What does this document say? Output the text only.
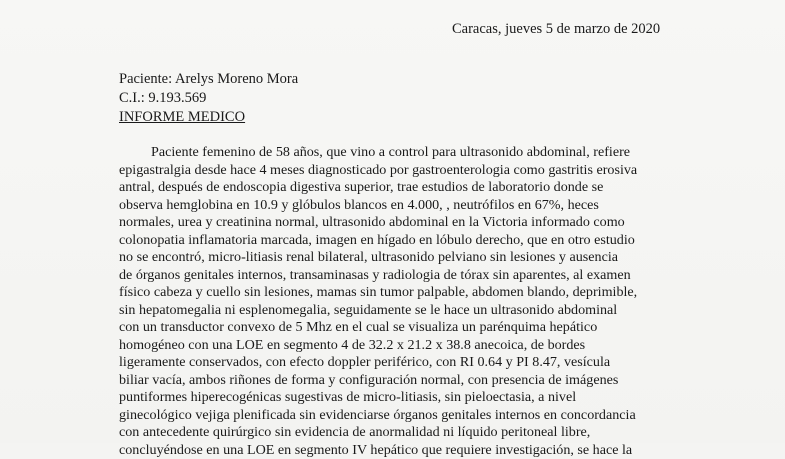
Caracas, jueves 5 de marzo de 2020
Paciente: Arelys Moreno Mora
C.I.: 9.193.569
INFORME MEDICO
Paciente femenino de 58 años, que vino a control para ultrasonido abdominal, refiere
epigastralgia desde hace 4 meses diagnosticado por gastroenterologia como gastritis erosiva
antral, después de endoscopia digestiva superior, trae estudios de laboratorio donde se
observa hemglobina en 10.9 y glóbulos blancos en 4.000, , neutrófilos en 67%, heces
normales, urea y creatinina normal, ultrasonido abdominal en la Victoria informado como
colonopatia inflamatoria marcada, imagen en hígado en lóbulo derecho, que en otro estudio
no se encontró, micro-litiasis renal bilateral, ultrasonido pelviano sin lesiones y ausencia
de órganos genitales internos, transaminasas y radiologia de tórax sin aparentes, al examen
físico cabeza y cuello sin lesiones, mamas sin tumor palpable, abdomen blando, deprimible,
sin hepatomegalia ni esplenomegalia, seguidamente se le hace un ultrasonido abdominal
con un transductor convexo de 5 Mhz en el cual se visualiza un parénquima hepático
homogéneo con una LOE en segmento 4 de 32.2 x 21.2 x 38.8 anecoica, de bordes
ligeramente conservados, con efecto doppler periférico, con RI 0.64 y PI 8.47, vesícula
biliar vacía, ambos riñones de forma y configuración normal, con presencia de imágenes
puntiformes hiperecogénicas sugestivas de micro-litiasis, sin pieloectasia, a nivel
ginecológico vejiga plenificada sin evidenciarse órganos genitales internos en concordancia
con antecedente quirúrgico sin evidencia de anormalidad ni líquido peritoneal libre,
concluyéndose en una LOE en segmento IV hepático que requiere investigación, se hace la
